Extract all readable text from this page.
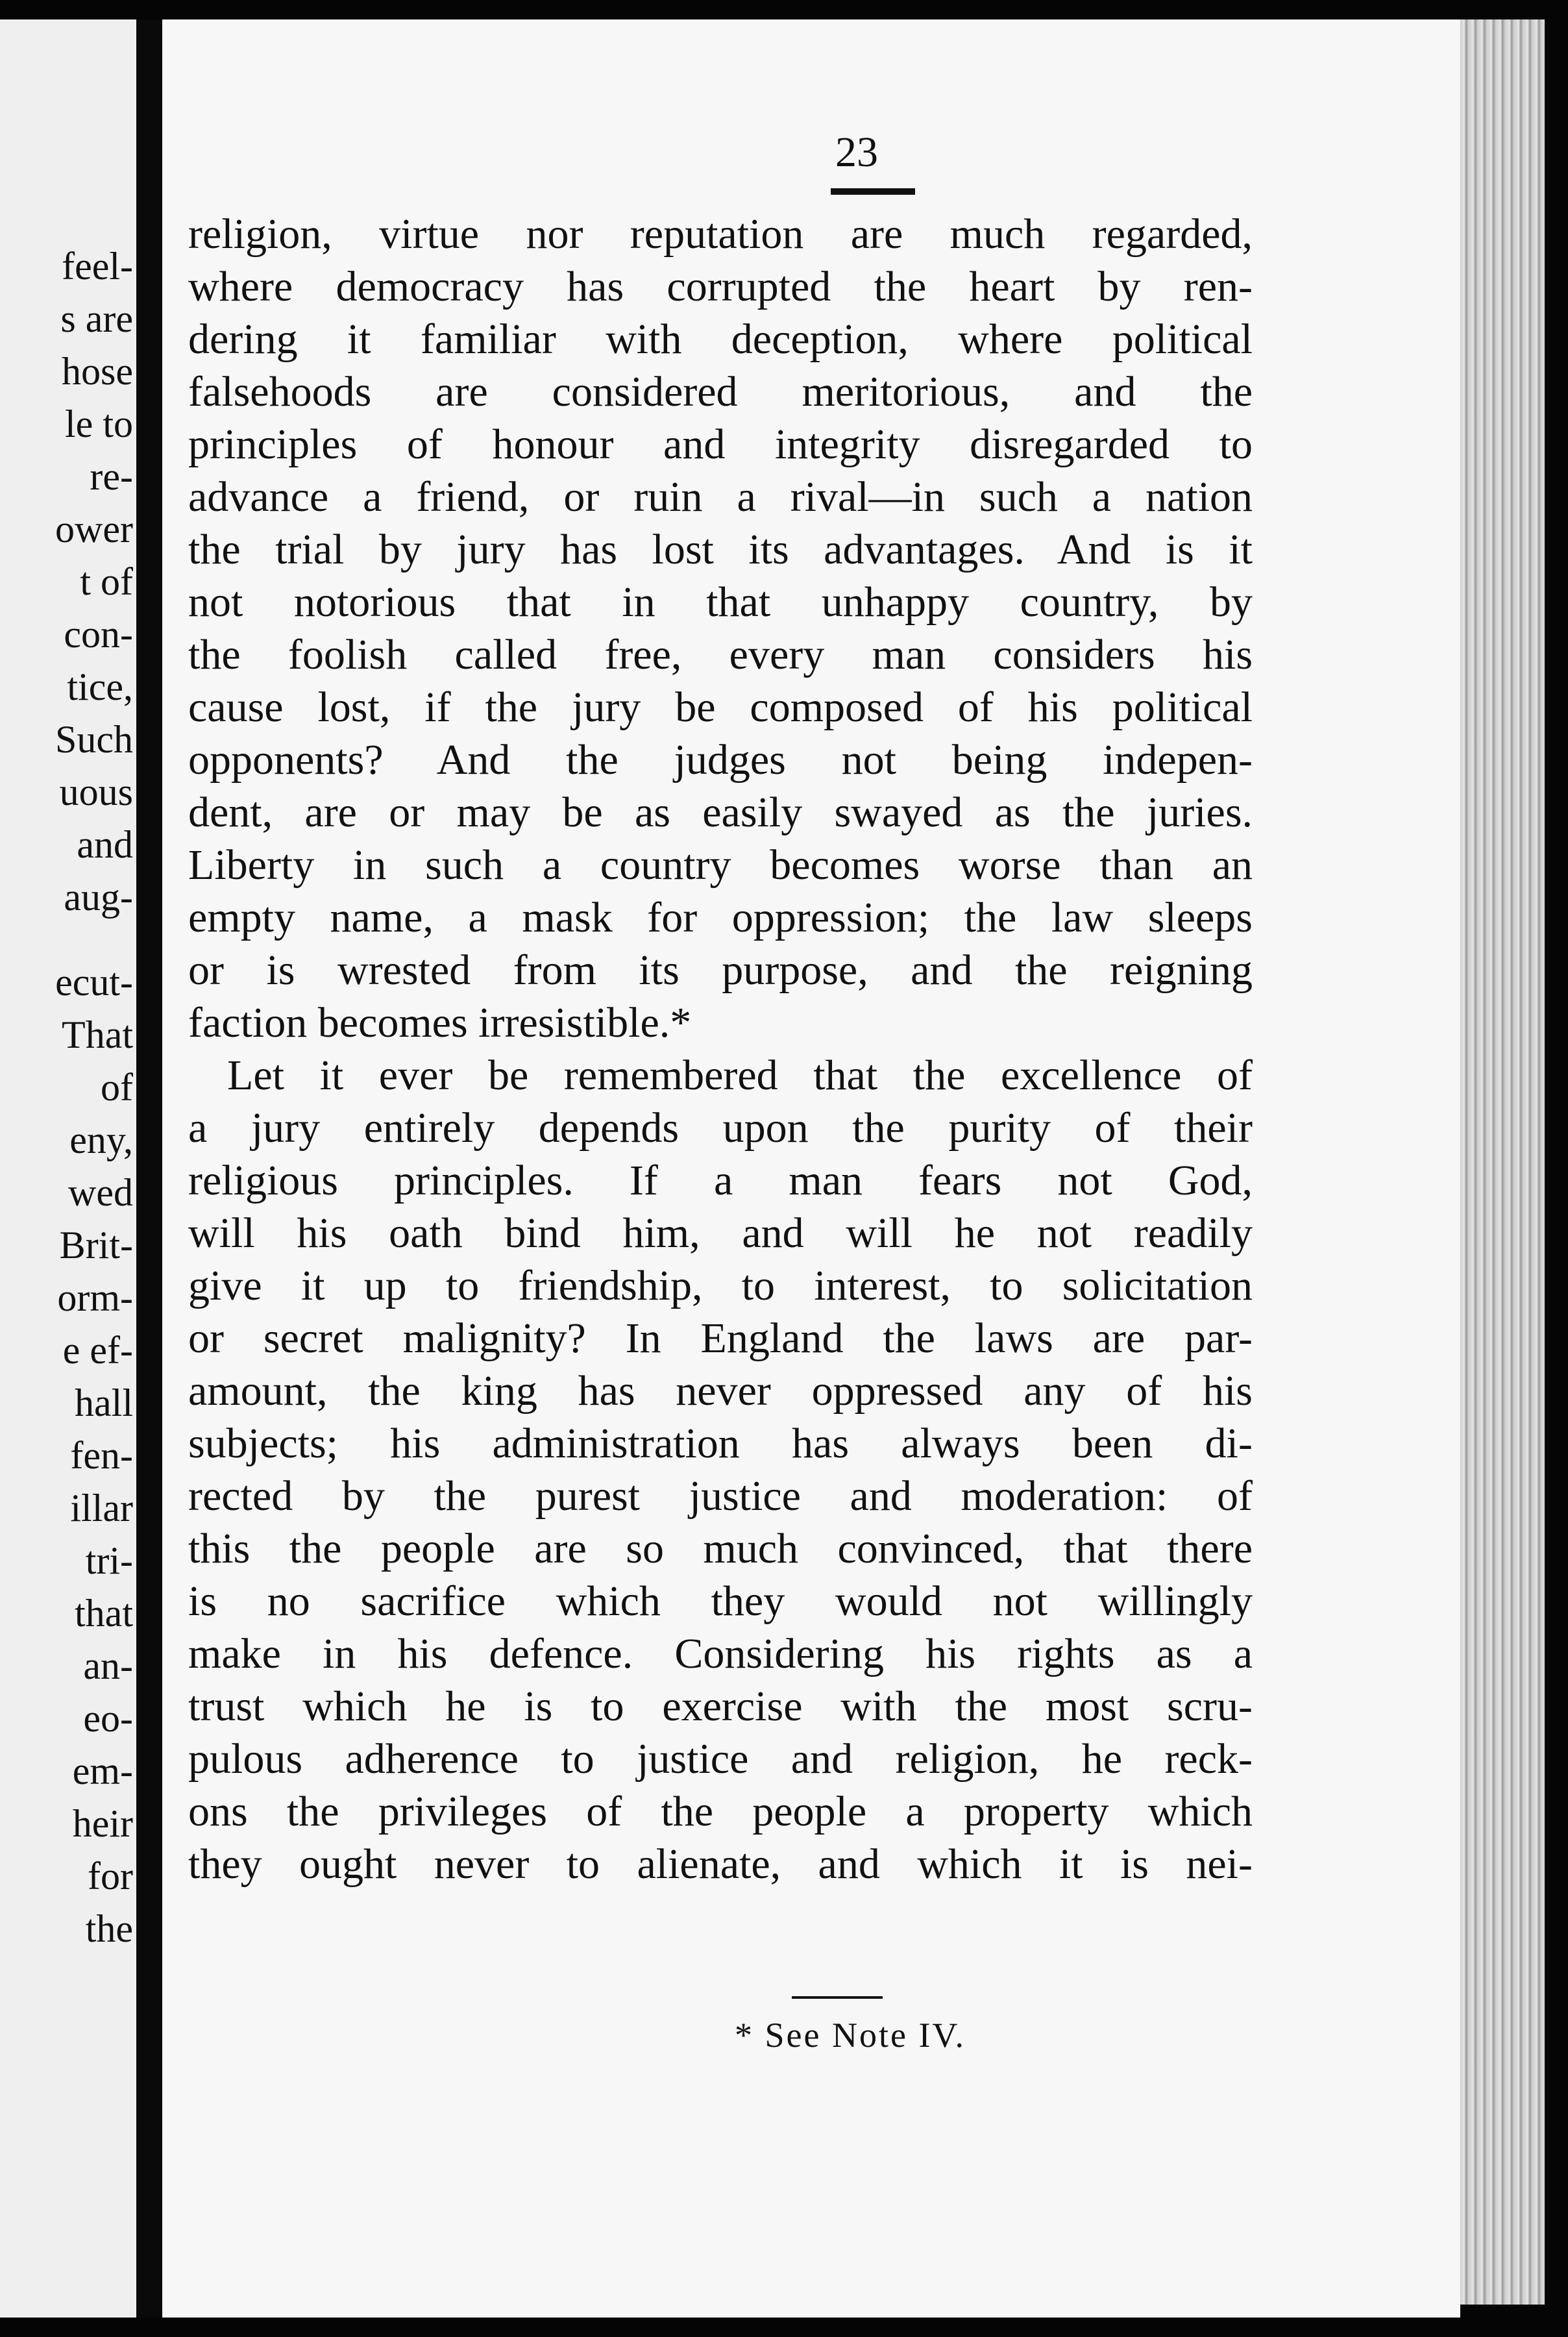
feel-
s are
hose
le to
re-
ower
t of
con-
tice,
Such
uous
and
aug-
ecut-
That
of
eny,
wed
Brit-
orm-
e ef-
hall
fen-
illar
tri-
that
an-
eo-
em-
heir
for
the
23
religion, virtue nor reputation are much regarded,
where democracy has corrupted the heart by ren-
dering it familiar with deception, where political
falsehoods are considered meritorious, and the
principles of honour and integrity disregarded to
advance a friend, or ruin a rival—in such a nation
the trial by jury has lost its advantages. And is it
not notorious that in that unhappy country, by
the foolish called free, every man considers his
cause lost, if the jury be composed of his political
opponents? And the judges not being indepen-
dent, are or may be as easily swayed as the juries.
Liberty in such a country becomes worse than an
empty name, a mask for oppression; the law sleeps
or is wrested from its purpose, and the reigning
faction becomes irresistible.*
Let it ever be remembered that the excellence of
a jury entirely depends upon the purity of their
religious principles. If a man fears not God,
will his oath bind him, and will he not readily
give it up to friendship, to interest, to solicitation
or secret malignity? In England the laws are par-
amount, the king has never oppressed any of his
subjects; his administration has always been di-
rected by the purest justice and moderation: of
this the people are so much convinced, that there
is no sacrifice which they would not willingly
make in his defence. Considering his rights as a
trust which he is to exercise with the most scru-
pulous adherence to justice and religion, he reck-
ons the privileges of the people a property which
they ought never to alienate, and which it is nei-
* See Note IV.
